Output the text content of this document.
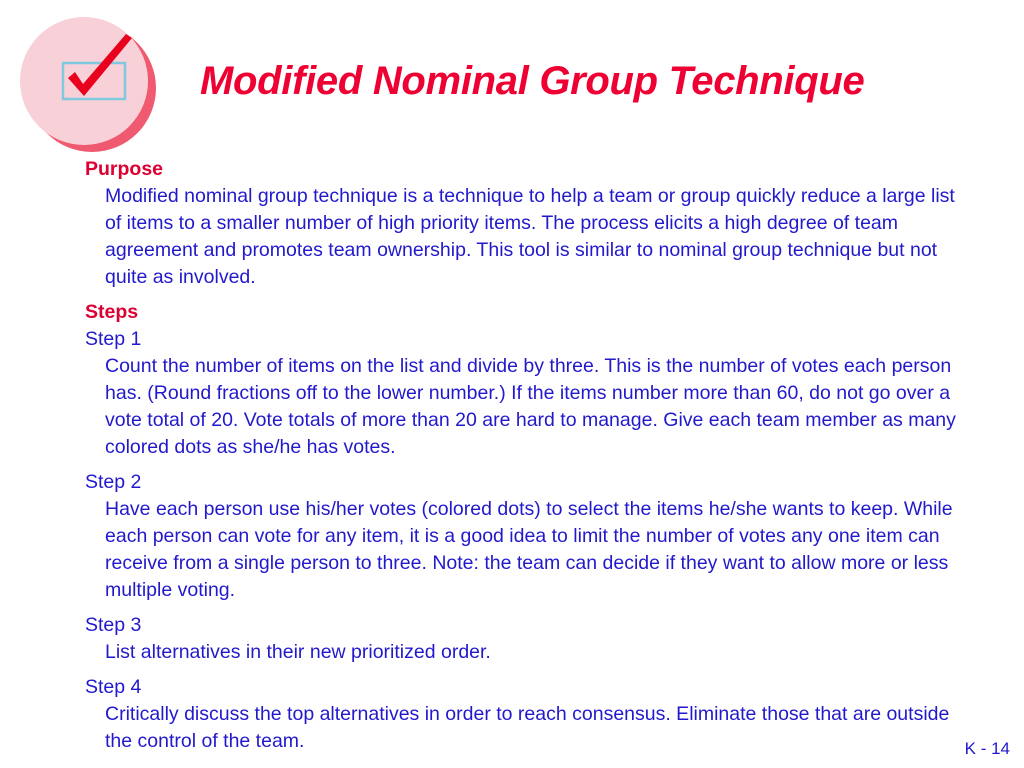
Modified Nominal Group Technique
Purpose
Modified nominal group technique is a technique to help a team or group quickly reduce a large list of items to a smaller number of high priority items. The process elicits a high degree of team agreement and promotes team ownership. This tool is similar to nominal group technique but not quite as involved.
Steps
Step 1
Count the number of items on the list and divide by three. This is the number of votes each person has. (Round fractions off to the lower number.) If the items number more than 60, do not go over a vote total of 20. Vote totals of more than 20 are hard to manage. Give each team member as many colored dots as she/he has votes.
Step 2
Have each person use his/her votes (colored dots) to select the items he/she wants to keep. While each person can vote for any item, it is a good idea to limit the number of votes any one item can receive from a single person to three. Note: the team can decide if they want to allow more or less multiple voting.
Step 3
List alternatives in their new prioritized order.
Step 4
Critically discuss the top alternatives in order to reach consensus. Eliminate those that are outside the control of the team.	K - 14
